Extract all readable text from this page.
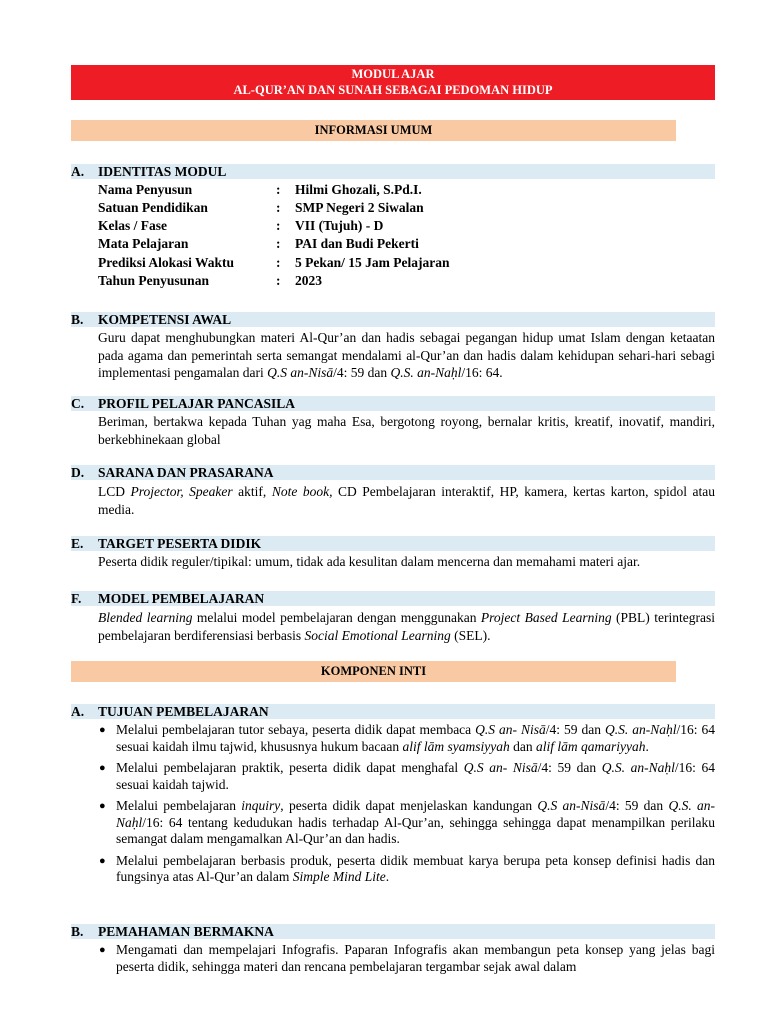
MODUL AJAR
AL-QUR’AN DAN SUNAH SEBAGAI PEDOMAN HIDUP
INFORMASI UMUM
A. IDENTITAS MODUL
Nama Penyusun	: Hilmi Ghozali, S.Pd.I.
Satuan Pendidikan	: SMP Negeri 2 Siwalan
Kelas / Fase	: VII (Tujuh) - D
Mata Pelajaran	: PAI dan Budi Pekerti
Prediksi Alokasi Waktu	: 5 Pekan/ 15 Jam Pelajaran
Tahun Penyusunan	: 2023
B. KOMPETENSI AWAL
Guru dapat menghubungkan materi Al-Qur’an dan hadis sebagai pegangan hidup umat Islam dengan ketaatan pada agama dan pemerintah serta semangat mendalami al-Qur’an dan hadis dalam kehidupan sehari-hari sebagi implementasi pengamalan dari Q.S an-Nisā/4: 59 dan Q.S. an-Naḥl/16: 64.
C. PROFIL PELAJAR PANCASILA
Beriman, bertakwa kepada Tuhan yag maha Esa, bergotong royong, bernalar kritis, kreatif, inovatif, mandiri, berkebhinekaan global
D. SARANA DAN PRASARANA
LCD Projector, Speaker aktif, Note book, CD Pembelajaran interaktif, HP, kamera, kertas karton, spidol atau media.
E. TARGET PESERTA DIDIK
Peserta didik reguler/tipikal: umum, tidak ada kesulitan dalam mencerna dan memahami materi ajar.
F. MODEL PEMBELAJARAN
Blended learning melalui model pembelajaran dengan menggunakan Project Based Learning (PBL) terintegrasi pembelajaran berdiferensiasi berbasis Social Emotional Learning (SEL).
KOMPONEN INTI
A. TUJUAN PEMBELAJARAN
● Melalui pembelajaran tutor sebaya, peserta didik dapat membaca Q.S an- Nisā/4: 59 dan Q.S. an-Naḥl/16: 64 sesuai kaidah ilmu tajwid, khususnya hukum bacaan alif lām syamsiyyah dan alif lām qamariyyah.
● Melalui pembelajaran praktik, peserta didik dapat menghafal Q.S an- Nisā/4: 59 dan Q.S. an-Naḥl/16: 64 sesuai kaidah tajwid.
● Melalui pembelajaran inquiry, peserta didik dapat menjelaskan kandungan Q.S an-Nisā/4: 59 dan Q.S. an-Naḥl/16: 64 tentang kedudukan hadis terhadap Al-Qur’an, sehingga sehingga dapat menampilkan perilaku semangat dalam mengamalkan Al-Qur’an dan hadis.
● Melalui pembelajaran berbasis produk, peserta didik membuat karya berupa peta konsep definisi hadis dan fungsinya atas Al-Qur’an dalam Simple Mind Lite.
B. PEMAHAMAN BERMAKNA
● Mengamati dan mempelajari Infografis. Paparan Infografis akan membangun peta konsep yang jelas bagi peserta didik, sehingga materi dan rencana pembelajaran tergambar sejak awal dalam
